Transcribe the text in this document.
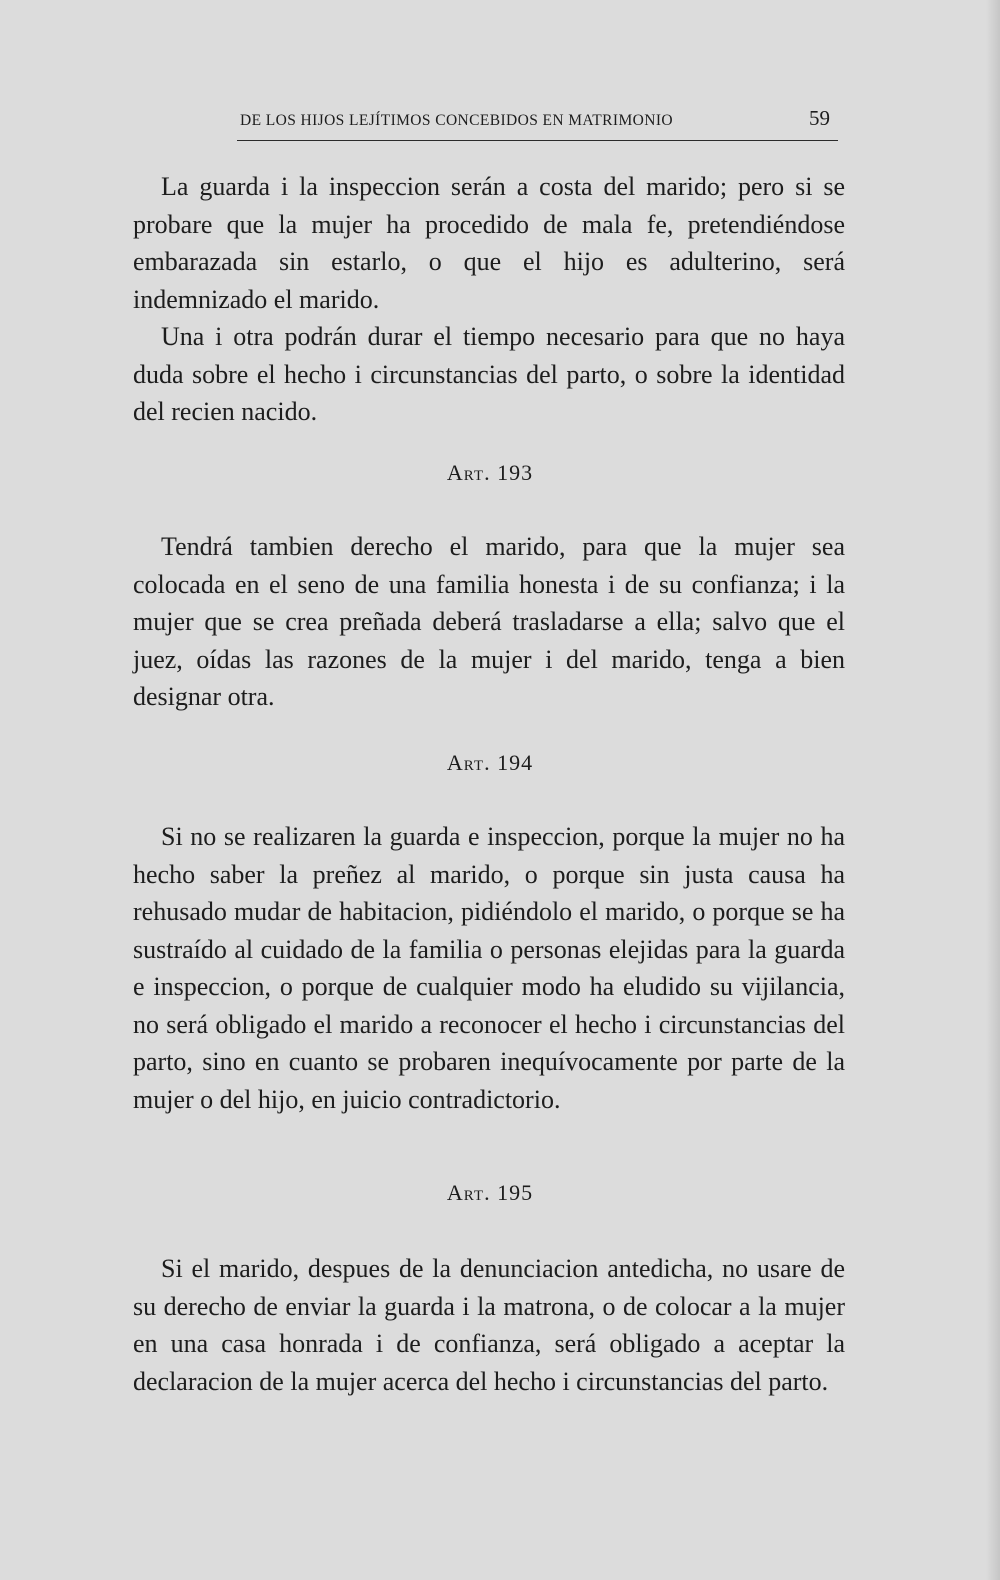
DE LOS HIJOS LEJÍTIMOS CONCEBIDOS EN MATRIMONIO	59

La guarda i la inspeccion serán a costa del marido; pero si se probare que la mujer ha procedido de mala fe, pretendiéndose embarazada sin estarlo, o que el hijo es adulterino, será indemnizado el marido.

Una i otra podrán durar el tiempo necesario para que no haya duda sobre el hecho i circunstancias del parto, o sobre la identidad del recien nacido.

Art. 193

Tendrá tambien derecho el marido, para que la mujer sea colocada en el seno de una familia honesta i de su confianza; i la mujer que se crea preñada deberá trasladarse a ella; salvo que el juez, oídas las razones de la mujer i del marido, tenga a bien designar otra.

Art. 194

Si no se realizaren la guarda e inspeccion, porque la mujer no ha hecho saber la preñez al marido, o porque sin justa causa ha rehusado mudar de habitacion, pidiéndolo el marido, o porque se ha sustraído al cuidado de la familia o personas elejidas para la guarda e inspeccion, o porque de cualquier modo ha eludido su vijilancia, no será obligado el marido a reconocer el hecho i circunstancias del parto, sino en cuanto se probaren inequívocamente por parte de la mujer o del hijo, en juicio contradictorio.

Art. 195

Si el marido, despues de la denunciacion antedicha, no usare de su derecho de enviar la guarda i la matrona, o de colocar a la mujer en una casa honrada i de confianza, será obligado a aceptar la declaracion de la mujer acerca del hecho i circunstancias del parto.
